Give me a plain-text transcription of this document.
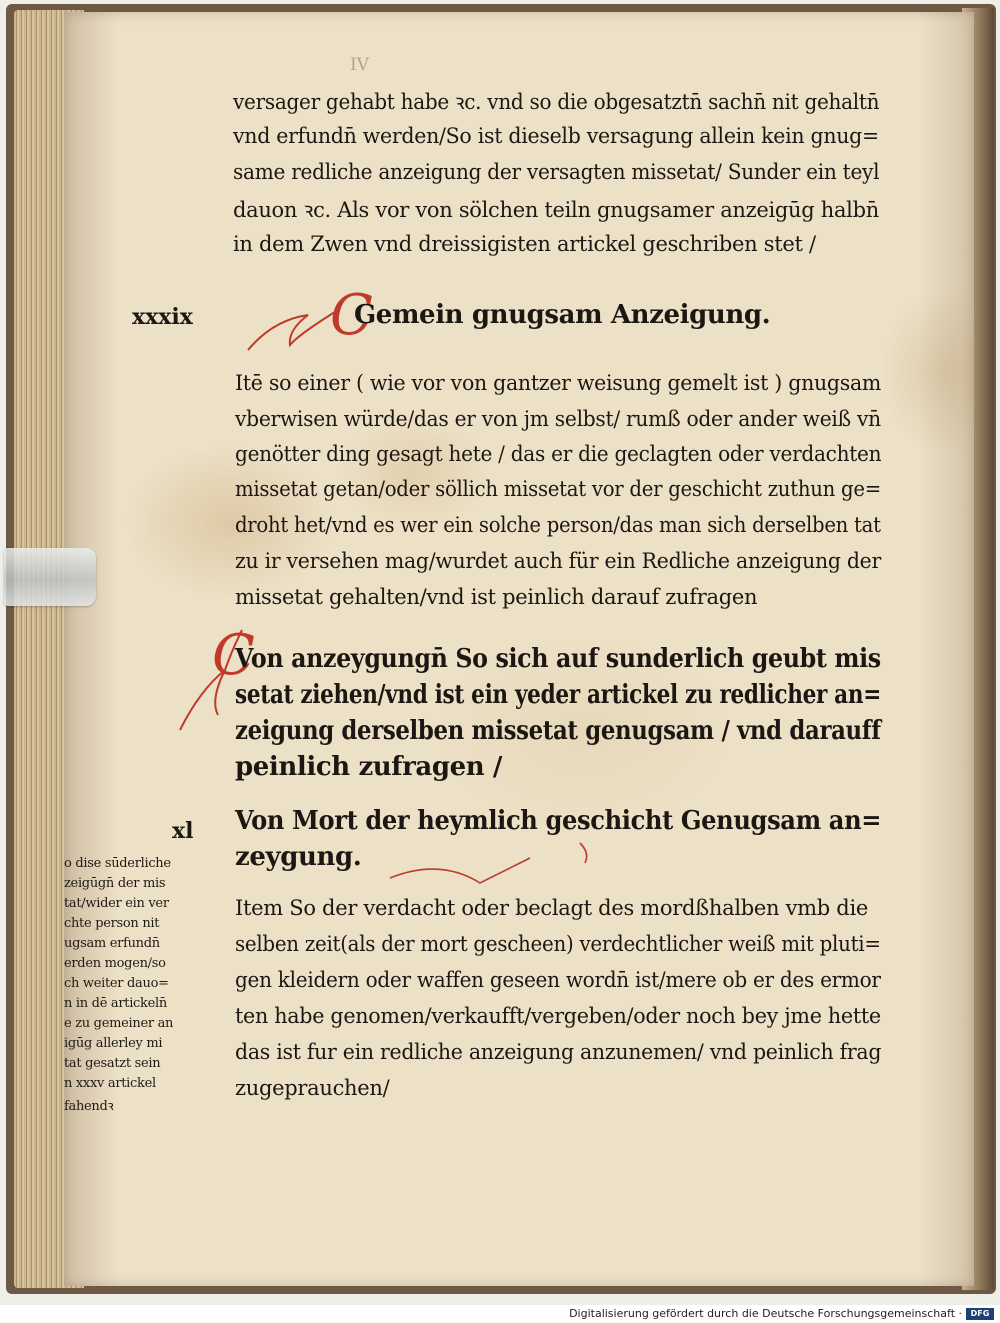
IV
versager gehabt habe ꝛc. vnd so die obgesatztn̄ sachn̄ nit gehaltn̄
vnd erfundn̄ werden/So ist dieselb versagung allein kein gnug=
same redliche anzeigung der versagten missetat/ Sunder ein teyl
dauon ꝛc. Als vor von sölchen teiln gnugsamer anzeigūg halbn̄
in dem Zwen vnd dreissigisten artickel geschriben stet /
xxxix C
Gemein gnugsam Anzeigung.
Itē so einer ( wie vor von gantzer weisung gemelt ist ) gnugsam
vberwisen würde/das er von jm selbst/ rumß oder ander weiß vn̄
genötter ding gesagt hete / das er die geclagten oder verdachten
missetat getan/oder söllich missetat vor der geschicht zuthun ge=
droht het/vnd es wer ein solche person/das man sich derselben tat
zu ir versehen mag/wurdet auch für ein Redliche anzeigung der
missetat gehalten/vnd ist peinlich darauf zufragen
C
Von anzeygungn̄ So sich auf sunderlich geubt mis
setat ziehen/vnd ist ein yeder artickel zu redlicher an=
zeigung derselben missetat genugsam / vnd darauff
peinlich zufragen /
xl Von Mort der heymlich geschicht Genugsam an=
zeygung.
Item So der verdacht oder beclagt des mordßhalben vmb die
selben zeit(als der mort gescheen) verdechtlicher weiß mit pluti=
gen kleidern oder waffen geseen wordn̄ ist/mere ob er des ermor
ten habe genomen/verkaufft/vergeben/oder noch bey jme hette
das ist fur ein redliche anzeigung anzunemen/ vnd peinlich frag
zugeprauchen/
o dise sūderliche
zeigūgn̄ der mis
tat/wider ein ver
chte person nit
ugsam erfundn̄
erden mogen/so
ch weiter dauo=
n in dē artickeln̄
e zu gemeiner an
igūg allerley mi
tat gesatzt sein
n xxxv artickel
fahendꝛ
Digitalisierung gefördert durch die Deutsche Forschungsgemeinschaft ·	DFG
